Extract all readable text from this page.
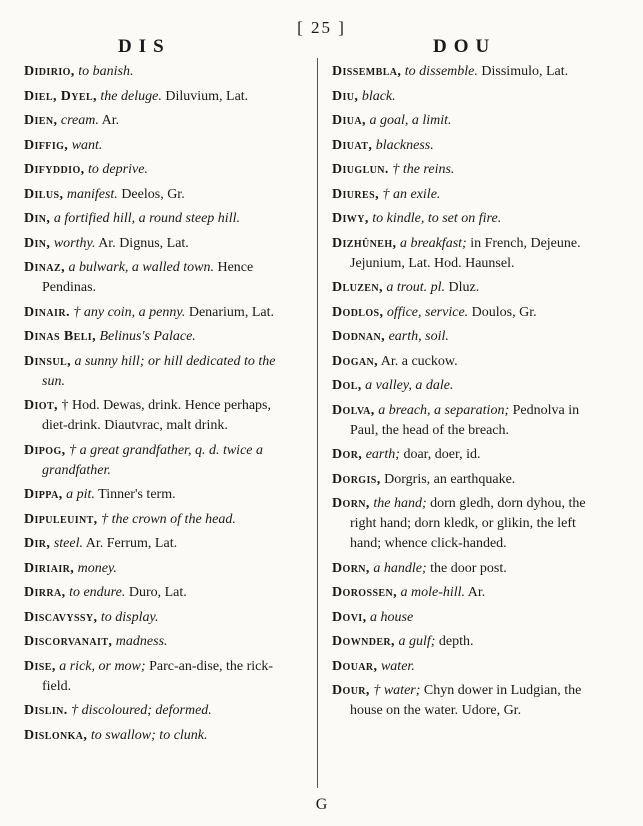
[ 25 ]
DIS	DOU
Didirio, to banish.
Diel, Dyel, the deluge. Diluvium, Lat.
Dien, cream. Ar.
Diffig, want.
Difyddio, to deprive.
Dilus, manifest. Deelos, Gr.
Din, a fortified hill, a round steep hill.
Din, worthy. Ar. Dignus, Lat.
Dinaz, a bulwark, a walled town. Hence Pendinas.
Dinair. † any coin, a penny. Denarium, Lat.
Dinas Beli, Belinus's Palace.
Dinsul, a sunny hill; or hill dedicated to the sun.
Diot, † Hod. Dewas, drink. Hence perhaps, diet-drink. Diautvrac, malt drink.
Dipog, † a great grandfather, q. d. twice a grandfather.
Dippa, a pit. Tinner's term.
Dipuleuint, † the crown of the head.
Dir, steel. Ar. Ferrum, Lat.
Diriair, money.
Dirra, to endure. Duro, Lat.
Discavyssy, to display.
Discorvanait, madness.
Dise, a rick, or mow; Parc-an-dise, the rick-field.
Dislin. † discoloured; deformed.
Dislonka, to swallow; to clunk.
Dissembla, to dissemble. Dissimulo, Lat.
Diu, black.
Diua, a goal, a limit.
Diuat, blackness.
Diuglun. † the reins.
Diures, † an exile.
Diwy, to kindle, to set on fire.
Dizhûneh, a breakfast; in French, Dejeune. Jejunium, Lat. Hod. Haunsel.
Dluzen, a trout. pl. Dluz.
Dodlos, office, service. Doulos, Gr.
Dodnan, earth, soil.
Dogan, Ar. a cuckow.
Dol, a valley, a dale.
Dolva, a breach, a separation; Pednolva in Paul, the head of the breach.
Dor, earth; doar, doer, id.
Dorgis, Dorgris, an earthquake.
Dorn, the hand; dorn gledh, dorn dyhou, the right hand; dorn kledk, or glikin, the left hand; whence click-handed.
Dorn, a handle; the door post.
Dorossen, a mole-hill. Ar.
Dovi, a house
Downder, a gulf; depth.
Douar, water.
Dour, † water; Chyn dower in Ludgian, the house on the water. Udore, Gr.
G
